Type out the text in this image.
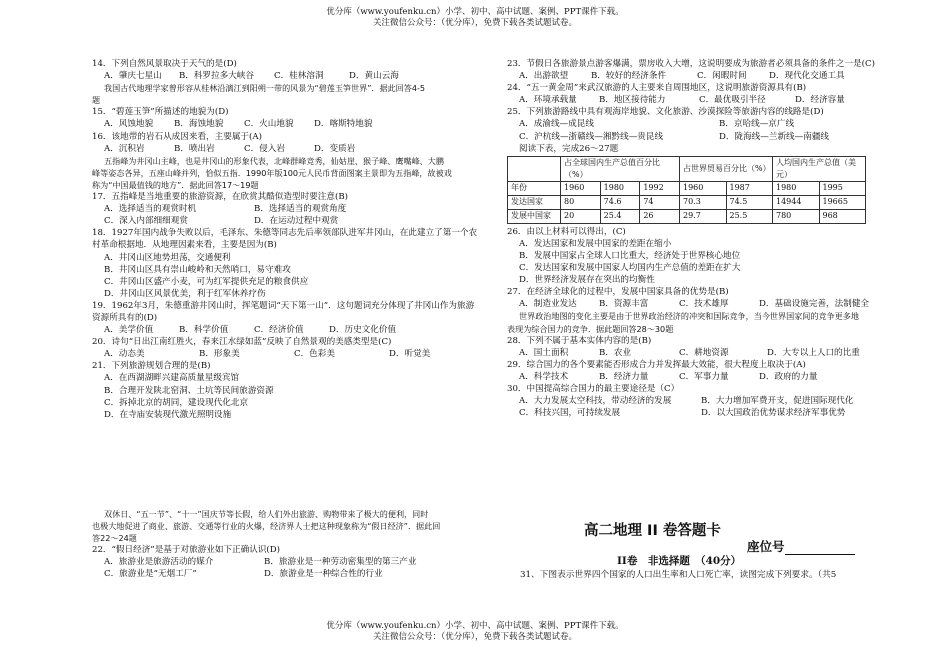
优分库（www.youfenku.cn）小学、初中、高中试题、案例、PPT课件下载。
关注微信公众号：（优分库），免费下载各类试题试卷。

14．下列自然风景取决于天气的是(D)

A．肇庆七星山	B．科罗拉多大峡谷	C．桂林溶洞	D．黄山云海

我国古代地理学家曾形容从桂林沿漓江到阳朔一带的风景为“碧莲玉笋世界”．据此回答4-5

题

15．“碧莲玉笋”所描述的地貌为(D)

A．风蚀地貌	B．海蚀地貌	C．火山地貌	D．喀斯特地貌

16．该地带的岩石从成因来看，主要属于(A)

A．沉积岩	B．喷出岩	C．侵入岩	D．变质岩

五指峰为井冈山主峰，也是井冈山的形象代表，北峰群峰竞秀，仙姑崖、猴子峰、鹰嘴峰、大鹏

峰等姿态各异，五座山峰并列，恰似五指．1990年版100元人民币背面图案主景即为五指峰，故被戏

称为“中国最值钱的地方”．据此回答17～19题

17．五指峰是当地重要的旅游资源，在欣赏其酷似造型时要注意(B)

A．选择适当的观赏时机	B．选择适当的观赏角度
C．深入内部细细观赏	D．在运动过程中观赏

18．1927年国内战争失败以后，毛泽东、朱德等同志先后率领部队进军井冈山，在此建立了第一个农

村革命根据地．从地理因素来看，主要是因为(B)

A．井冈山区地势坦荡，交通便利

B．井冈山区具有崇山峻岭和天然哨口，易守难攻

C．井冈山区盛产小麦，可为红军提供充足的粮食供应

D．井冈山区风景优美，利于红军休养疗伤

19．1962年3月，朱德重游井冈山时，挥笔题词“天下第一山”．这句题词充分体现了井冈山作为旅游

资源所具有的(D)

A．美学价值	B．科学价值	C．经济价值	D．历史文化价值

20．诗句“日出江南红胜火，春来江水绿如蓝”反映了自然景观的美感类型是(C)

A．动态美	B．形象美	C．色彩美	D．听觉美

21．下列旅游规划合理的是(B)

A．在西湖湖畔兴建高质量星级宾馆

B．合理开发陕北窑洞、土坑等民间旅游资源

C．拆掉北京的胡同，建设现代化北京

D．在寺庙安装现代激光照明设施

双休日、“五一节”、“十一”国庆节等长假，给人们外出旅游、购物带来了极大的便利，同时

也极大地促进了商业、旅游、交通等行业的火爆，经济界人士把这种现象称为“假日经济”．据此回

答22～24题

22．“假日经济”是基于对旅游业如下正确认识(D)

A．旅游业是旅游活动的媒介	B．旅游业是一种劳动密集型的第三产业
C．旅游业是“无烟工厂”	D．旅游业是一种综合性的行业

23．节假日各旅游景点游客爆满，票房收入大增，这说明要成为旅游者必须具备的条件之一是(C)

A．出游欲望	B．较好的经济条件	C．闲暇时间	D．现代化交通工具

24．“五一黄金周”来武汉旅游的人主要来自周围地区，这说明旅游资源具有(B)

A．环境承载量	B．地区接待能力	C．最优吸引半径	D．经济容量

25．下列旅游路线中具有观海岸地貌、文化旅游、沙漠探险等旅游内容的线路是(D)

A．成渝线—成昆线	B．京哈线—京广线
C．沪杭线—浙赣线—湘黔线—贵昆线	D．陇海线—兰新线—南疆线

阅读下表，完成26～27题

	占全球国内生产总值百分比（%）			占世界贸易百分比（%）		人均国内生产总值（美元）	
年份	1960	1980	1992	1960	1987	1980	1995
发达国家	80	74.6	74	70.3	74.5	14944	19665
发展中国家	20	25.4	26	29.7	25.5	780	968

26．由以上材料可以得出，(C)

A．发达国家和发展中国家的差距在缩小

B．发展中国家占全球人口比重大，经济处于世界核心地位

C．发达国家和发展中国家人均国内生产总值的差距在扩大

D．世界经济发展存在突出的均衡性

27．在经济全球化的过程中，发展中国家具备的优势是(B)

A．制造业发达	B．资源丰富	C．技术雄厚	D．基础设施完善，法制健全

世界政治地图的变化主要是由于世界政治经济的冲突和国际竞争，当今世界国家间的竞争更多地

表现为综合国力的竞争．据此题回答28～30题

28．下列不属于基本实体内容的是(B)

A．国土面积	B．农业	C．耕地资源	D．大专以上人口的比重

29．综合国力的各个要素能否形成合力并发挥最大效能，很大程度上取决于(A)

A．科学技术	B．经济力量	C．军事力量	D．政府的力量

30．中国提高综合国力的最主要途径是（C）

A．大力发展太空科技，带动经济的发展	B．大力增加军费开支，促进国际现代化
C．科技兴国，可持续发展	D．以大国政治优势谋求经济军事优势
高二地理 II 卷答题卡
座位号
II卷　非选择题　（40分）
31、下图表示世界四个国家的人口出生率和人口死亡率，读图完成下列要求。（共5
优分库（www.youfenku.cn）小学、初中、高中试题、案例、PPT课件下载。
关注微信公众号：（优分库），免费下载各类试题试卷。
